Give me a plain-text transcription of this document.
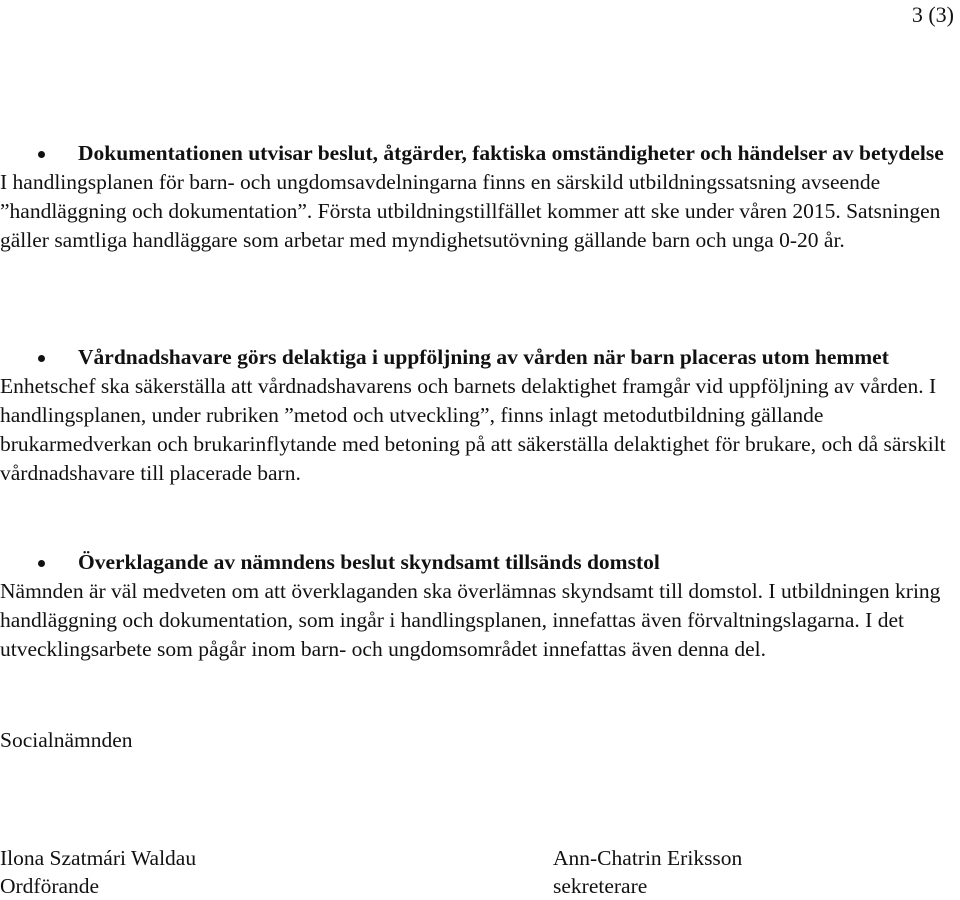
3 (3)
Dokumentationen utvisar beslut, åtgärder, faktiska omständigheter och händelser av betydelse

I handlingsplanen för barn- och ungdomsavdelningarna finns en särskild utbildningssatsning avseende ”handläggning och dokumentation”. Första utbildningstillfället kommer att ske under våren 2015. Satsningen gäller samtliga handläggare som arbetar med myndighetsutövning gällande barn och unga 0-20 år.

Vårdnadshavare görs delaktiga i uppföljning av vården när barn placeras utom hemmet

Enhetschef ska säkerställa att vårdnadshavarens och barnets delaktighet framgår vid uppföljning av vården. I handlingsplanen, under rubriken ”metod och utveckling”, finns inlagt metodutbildning gällande brukarmedverkan och brukarinflytande med betoning på att säkerställa delaktighet för brukare, och då särskilt vårdnadshavare till placerade barn.

Överklagande av nämndens beslut skyndsamt tillsänds domstol

Nämnden är väl medveten om att överklaganden ska överlämnas skyndsamt till domstol. I utbildningen kring handläggning och dokumentation, som ingår i handlingsplanen, innefattas även förvaltningslagarna. I det utvecklingsarbete som pågår inom barn- och ungdomsområdet innefattas även denna del.

Socialnämnden
Ilona Szatmári Waldau
Ordförande
Ann-Chatrin Eriksson
sekreterare
